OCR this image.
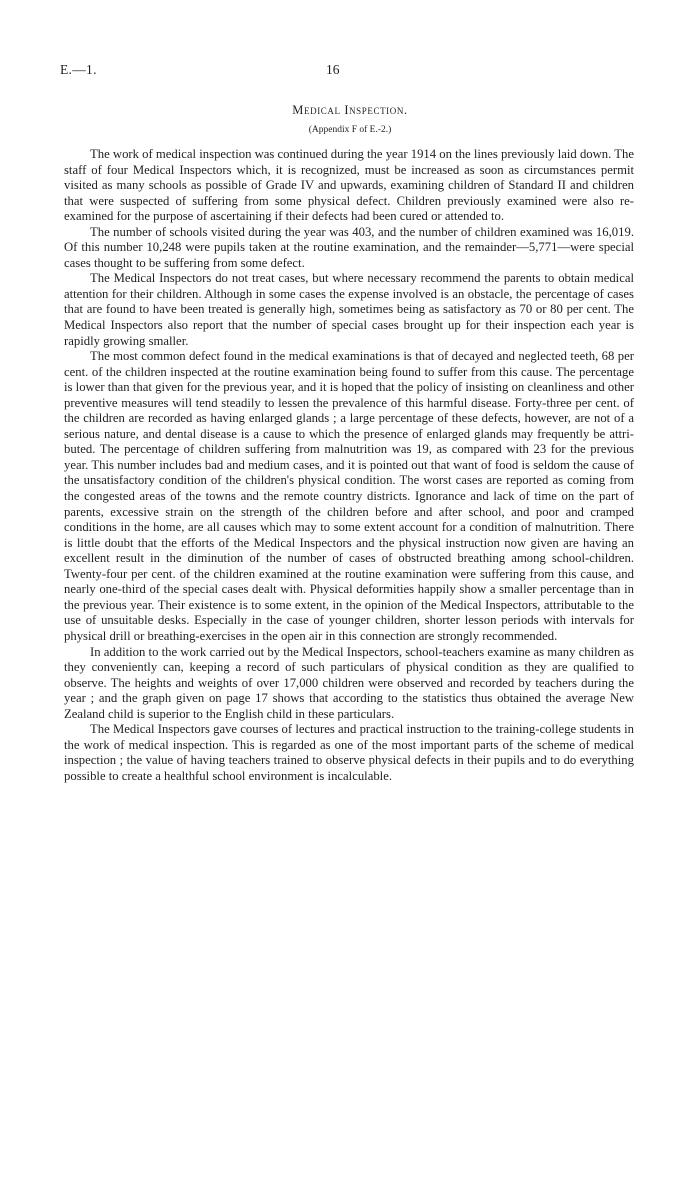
E.—1.	16
Medical Inspection.
(Appendix F of E.-2.)

The work of medical inspection was continued during the year 1914 on the lines previously laid down. The staff of four Medical Inspectors which, it is recognized, must be increased as soon as circumstances permit visited as many schools as possible of Grade IV and upwards, examining children of Standard II and children that were suspected of suffering from some physical defect. Children previously examined were also re-examined for the purpose of ascertaining if their defects had been cured or attended to.

The number of schools visited during the year was 403, and the number of children examined was 16,019. Of this number 10,248 were pupils taken at the routine examination, and the remainder—5,771—were special cases thought to be suffering from some defect.

The Medical Inspectors do not treat cases, but where necessary recommend the parents to obtain medical attention for their children. Although in some cases the expense involved is an obstacle, the percentage of cases that are found to have been treated is generally high, sometimes being as satisfactory as 70 or 80 per cent. The Medical Inspectors also report that the number of special cases brought up for their inspection each year is rapidly growing smaller.

The most common defect found in the medical examinations is that of decayed and neglected teeth, 68 per cent. of the children inspected at the routine examination being found to suffer from this cause. The percentage is lower than that given for the previous year, and it is hoped that the policy of insisting on cleanliness and other preventive measures will tend steadily to lessen the prevalence of this harmful disease. Forty-three per cent. of the children are recorded as having enlarged glands ; a large percentage of these defects, however, are not of a serious nature, and dental disease is a cause to which the presence of enlarged glands may frequently be attributed. The percentage of children suffering from malnutrition was 19, as compared with 23 for the previous year. This number includes bad and medium cases, and it is pointed out that want of food is seldom the cause of the unsatisfactory condition of the children's physical condition. The worst cases are reported as coming from the congested areas of the towns and the remote country districts. Ignorance and lack of time on the part of parents, excessive strain on the strength of the children before and after school, and poor and cramped conditions in the home, are all causes which may to some extent account for a condition of malnutrition. There is little doubt that the efforts of the Medical Inspectors and the physical instruction now given are having an excellent result in the diminution of the number of cases of obstructed breathing among school-children. Twenty-four per cent. of the children examined at the routine examination were suffering from this cause, and nearly one-third of the special cases dealt with. Physical deformities happily show a smaller percentage than in the previous year. Their existence is to some extent, in the opinion of the Medical Inspectors, attributable to the use of unsuitable desks. Especially in the case of younger children, shorter lesson periods with intervals for physical drill or breathing-exercises in the open air in this connection are strongly recommended.

In addition to the work carried out by the Medical Inspectors, school-teachers examine as many children as they conveniently can, keeping a record of such particulars of physical condition as they are qualified to observe. The heights and weights of over 17,000 children were observed and recorded by teachers during the year ; and the graph given on page 17 shows that according to the statistics thus obtained the average New Zealand child is superior to the English child in these particulars.

The Medical Inspectors gave courses of lectures and practical instruction to the training-college students in the work of medical inspection. This is regarded as one of the most important parts of the scheme of medical inspection ; the value of having teachers trained to observe physical defects in their pupils and to do everything possible to create a healthful school environment is incalculable.
